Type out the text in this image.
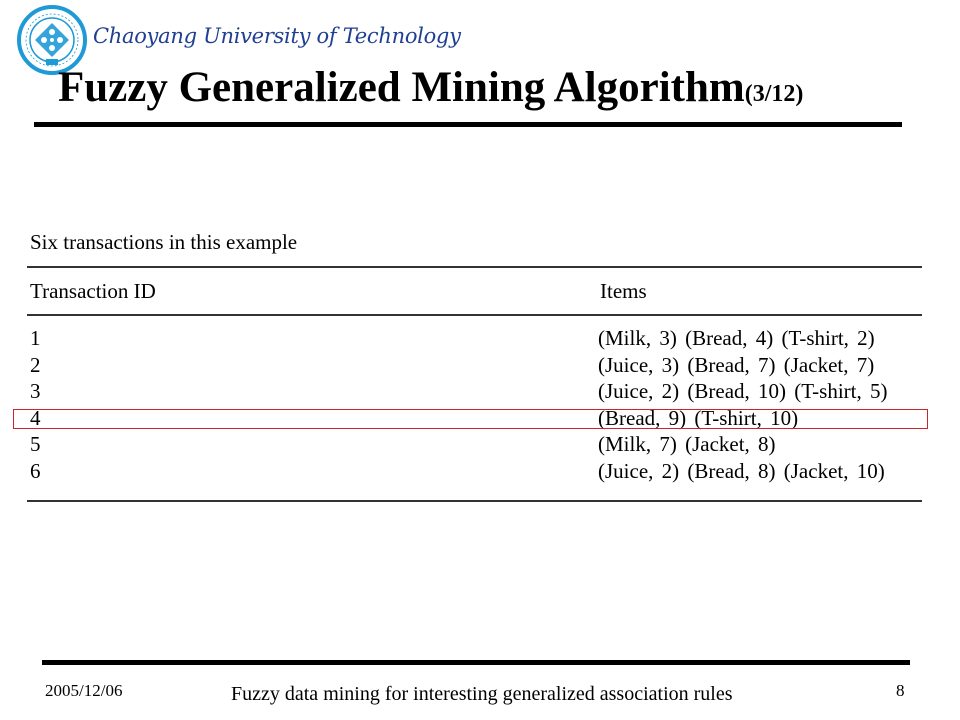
Chaoyang University of Technology
Fuzzy Generalized Mining Algorithm(3/12)
Six transactions in this example
Transaction ID	Items
1	(Milk, 3) (Bread, 4) (T-shirt, 2)
2	(Juice, 3) (Bread, 7) (Jacket, 7)
3	(Juice, 2) (Bread, 10) (T-shirt, 5)
4	(Bread, 9) (T-shirt, 10)
5	(Milk, 7) (Jacket, 8)
6	(Juice, 2) (Bread, 8) (Jacket, 10)
2005/12/06	Fuzzy data mining for interesting generalized association rules	8
